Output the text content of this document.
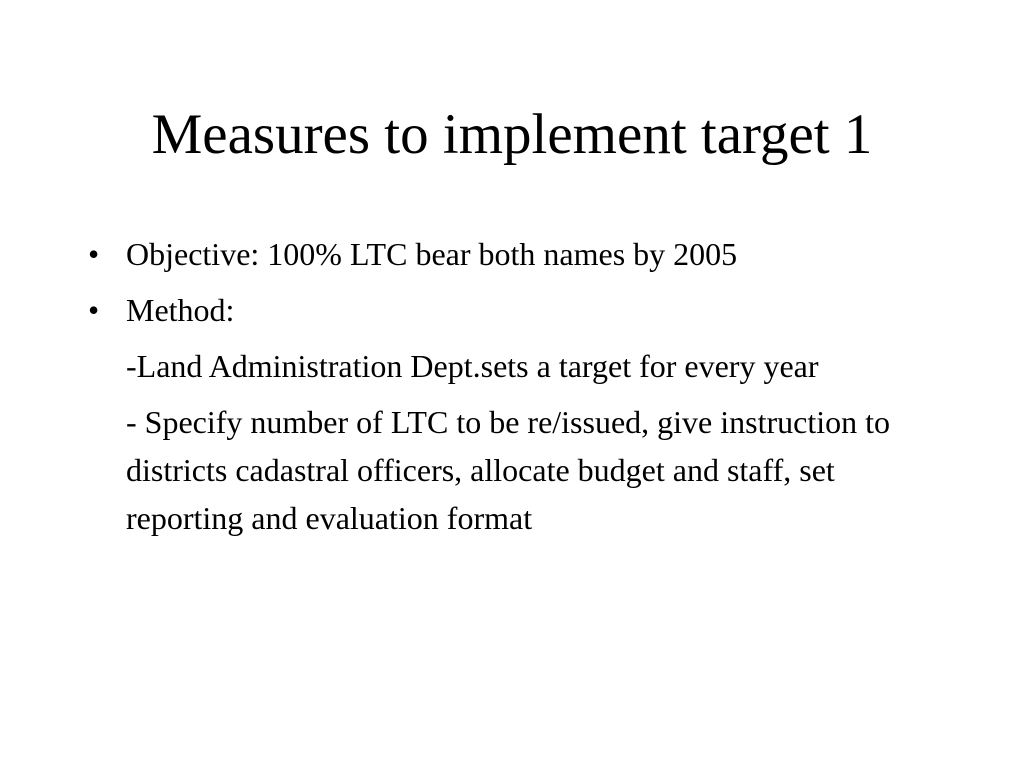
Measures to implement target 1
• Objective: 100% LTC bear both names by 2005
• Method:
-Land Administration Dept.sets a target for every year
- Specify number of LTC to be re/issued, give instruction to districts cadastral officers, allocate budget and staff, set reporting and evaluation format
